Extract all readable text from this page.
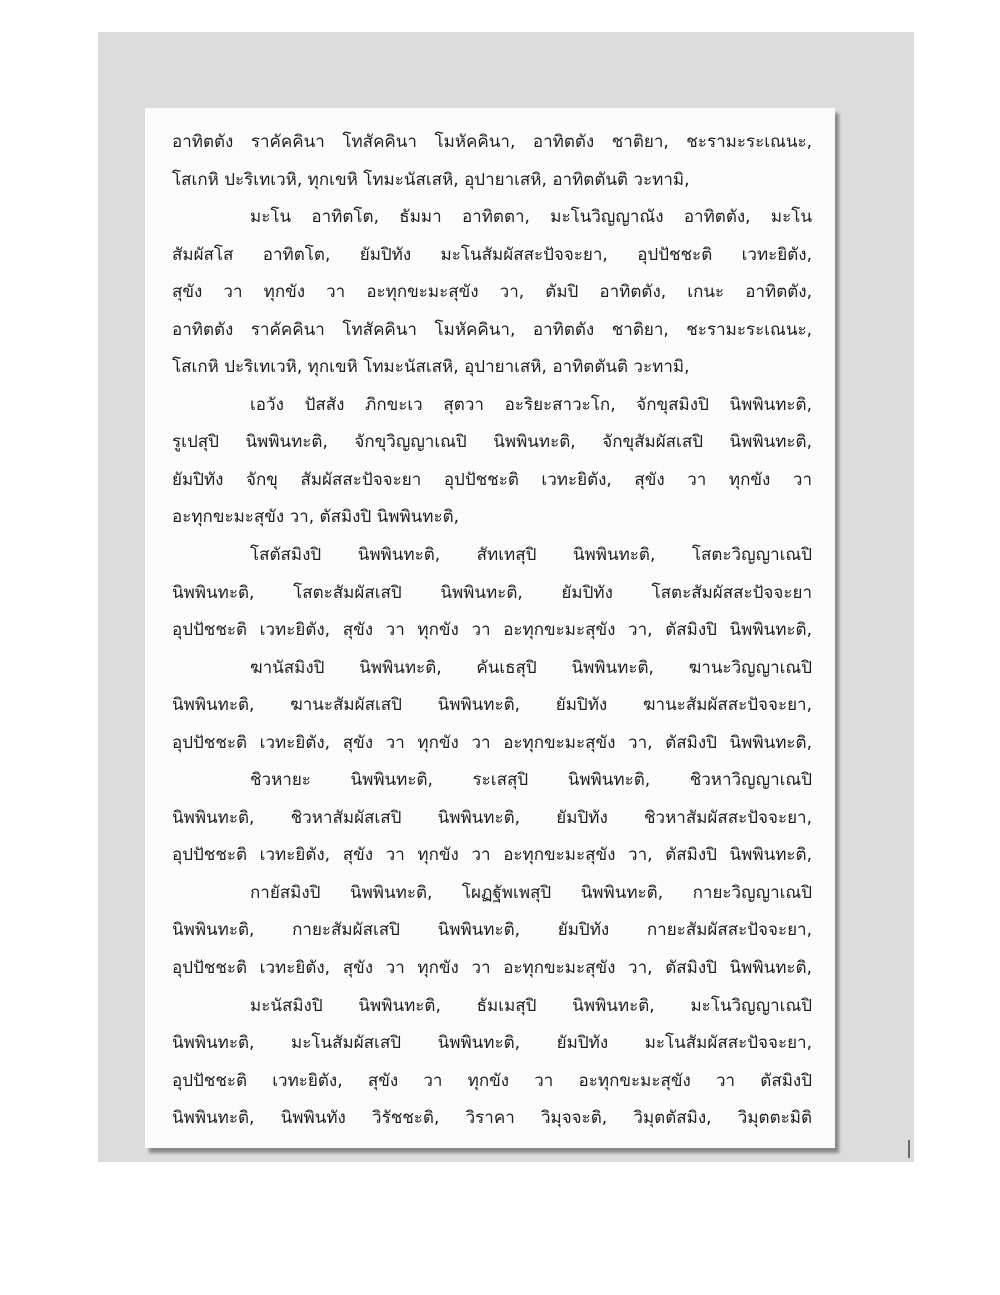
อาทิตตัง ราคัคคินา โทสัคคินา โมหัคคินา, อาทิตตัง ชาติยา, ชะรามะระเณนะ,
โสเกหิ ปะริเทเวหิ, ทุกเขหิ โทมะนัสเสหิ, อุปายาเสหิ, อาทิตตันติ วะทามิ,
มะโน อาทิตโต, ธัมมา อาทิตตา, มะโนวิญญาณัง อาทิตตัง, มะโน
สัมผัสโส อาทิตโต, ยัมปิทัง มะโนสัมผัสสะปัจจะยา, อุปปัชชะติ เวทะยิตัง,
สุขัง วา ทุกขัง วา อะทุกขะมะสุขัง วา, ตัมปิ อาทิตตัง, เกนะ อาทิตตัง,
อาทิตตัง ราคัคคินา โทสัคคินา โมหัคคินา, อาทิตตัง ชาติยา, ชะรามะระเณนะ,
โสเกหิ ปะริเทเวหิ, ทุกเขหิ โทมะนัสเสหิ, อุปายาเสหิ, อาทิตตันติ วะทามิ,
เอวัง ปัสสัง ภิกขะเว สุตวา อะริยะสาวะโก, จักขุสมิงปิ นิพพินทะติ,
รูเปสุปิ นิพพินทะติ, จักขุวิญญาเณปิ นิพพินทะติ, จักขุสัมผัสเสปิ นิพพินทะติ,
ยัมปิทัง จักขุ สัมผัสสะปัจจะยา อุปปัชชะติ เวทะยิตัง, สุขัง วา ทุกขัง วา
อะทุกขะมะสุขัง วา, ตัสมิงปิ นิพพินทะติ,
โสตัสมิงปิ นิพพินทะติ, สัทเทสุปิ นิพพินทะติ, โสตะวิญญาเณปิ
นิพพินทะติ, โสตะสัมผัสเสปิ นิพพินทะติ, ยัมปิทัง โสตะสัมผัสสะปัจจะยา
อุปปัชชะติ เวทะยิตัง, สุขัง วา ทุกขัง วา อะทุกขะมะสุขัง วา, ตัสมิงปิ นิพพินทะติ,
ฆานัสมิงปิ นิพพินทะติ, คันเธสุปิ นิพพินทะติ, ฆานะวิญญาเณปิ
นิพพินทะติ, ฆานะสัมผัสเสปิ นิพพินทะติ, ยัมปิทัง ฆานะสัมผัสสะปัจจะยา,
อุปปัชชะติ เวทะยิตัง, สุขัง วา ทุกขัง วา อะทุกขะมะสุขัง วา, ตัสมิงปิ นิพพินทะติ,
ชิวหายะ นิพพินทะติ, ระเสสุปิ นิพพินทะติ, ชิวหาวิญญาเณปิ
นิพพินทะติ, ชิวหาสัมผัสเสปิ นิพพินทะติ, ยัมปิทัง ชิวหาสัมผัสสะปัจจะยา,
อุปปัชชะติ เวทะยิตัง, สุขัง วา ทุกขัง วา อะทุกขะมะสุขัง วา, ตัสมิงปิ นิพพินทะติ,
กายัสมิงปิ นิพพินทะติ, โผฏฐัพเพสุปิ นิพพินทะติ, กายะวิญญาเณปิ
นิพพินทะติ, กายะสัมผัสเสปิ นิพพินทะติ, ยัมปิทัง กายะสัมผัสสะปัจจะยา,
อุปปัชชะติ เวทะยิตัง, สุขัง วา ทุกขัง วา อะทุกขะมะสุขัง วา, ตัสมิงปิ นิพพินทะติ,
มะนัสมิงปิ นิพพินทะติ, ธัมเมสุปิ นิพพินทะติ, มะโนวิญญาเณปิ
นิพพินทะติ, มะโนสัมผัสเสปิ นิพพินทะติ, ยัมปิทัง มะโนสัมผัสสะปัจจะยา,
อุปปัชชะติ เวทะยิตัง, สุขัง วา ทุกขัง วา อะทุกขะมะสุขัง วา ตัสมิงปิ
นิพพินทะติ, นิพพินทัง วิรัชชะติ, วิราคา วิมุจจะติ, วิมุตตัสมิง, วิมุตตะมิติ
